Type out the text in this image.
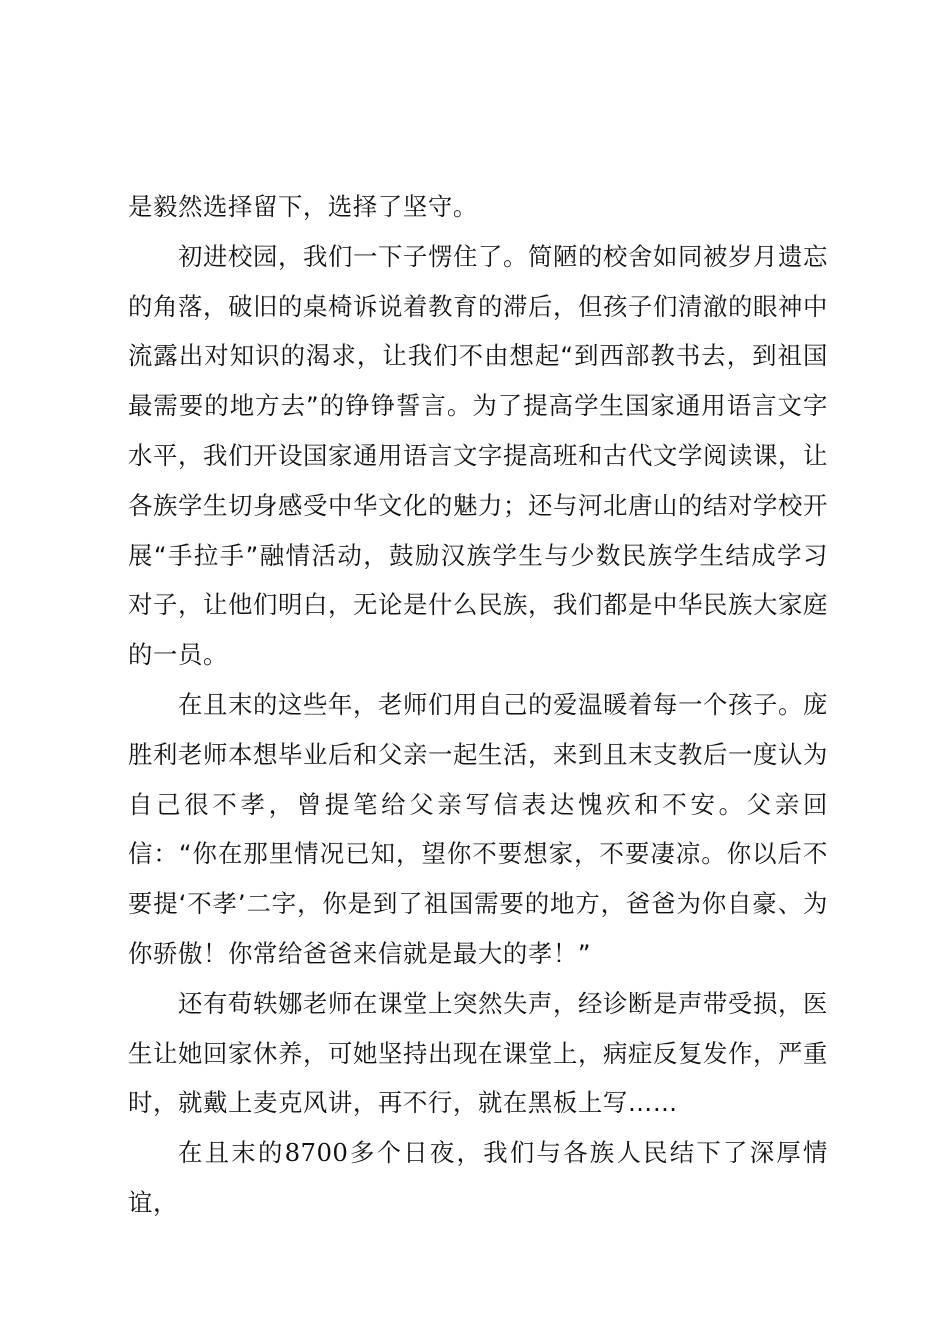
是毅然选择留下，选择了坚守。

初进校园，我们一下子愣住了。简陋的校舍如同被岁月遗忘的角落，破旧的桌椅诉说着教育的滞后，但孩子们清澈的眼神中流露出对知识的渴求，让我们不由想起“到西部教书去，到祖国最需要的地方去”的铮铮誓言。为了提高学生国家通用语言文字水平，我们开设国家通用语言文字提高班和古代文学阅读课，让各族学生切身感受中华文化的魅力；还与河北唐山的结对学校开展“手拉手”融情活动，鼓励汉族学生与少数民族学生结成学习对子，让他们明白，无论是什么民族，我们都是中华民族大家庭的一员。

在且末的这些年，老师们用自己的爱温暖着每一个孩子。庞胜利老师本想毕业后和父亲一起生活，来到且末支教后一度认为自己很不孝，曾提笔给父亲写信表达愧疚和不安。父亲回信：“你在那里情况已知，望你不要想家，不要凄凉。你以后不要提‘不孝’二字，你是到了祖国需要的地方，爸爸为你自豪、为你骄傲！你常给爸爸来信就是最大的孝！”

还有荀轶娜老师在课堂上突然失声，经诊断是声带受损，医生让她回家休养，可她坚持出现在课堂上，病症反复发作，严重时，就戴上麦克风讲，再不行，就在黑板上写……

在且末的8700多个日夜，我们与各族人民结下了深厚情谊，
